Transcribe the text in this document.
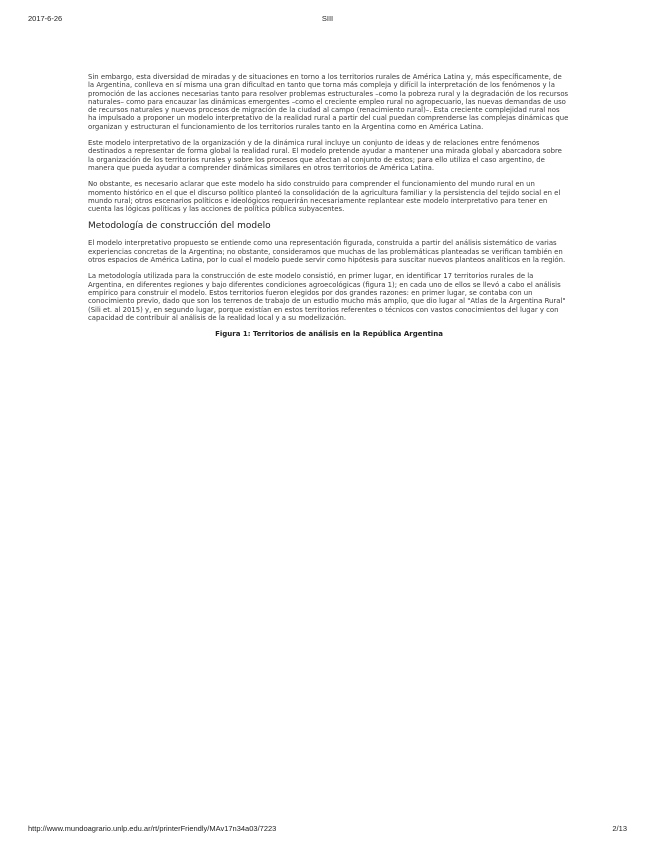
2017-6-26	SIII

Sin embargo, esta diversidad de miradas y de situaciones en torno a los territorios rurales de América Latina y, más específicamente, de la Argentina, conlleva en sí misma una gran dificultad en tanto que torna más compleja y difícil la interpretación de los fenómenos y la promoción de las acciones necesarias tanto para resolver problemas estructurales –como la pobreza rural y la degradación de los recursos naturales– como para encauzar las dinámicas emergentes –como el creciente empleo rural no agropecuario, las nuevas demandas de uso de recursos naturales y nuevos procesos de migración de la ciudad al campo (renacimiento rural)–. Esta creciente complejidad rural nos ha impulsado a proponer un modelo interpretativo de la realidad rural a partir del cual puedan comprenderse las complejas dinámicas que organizan y estructuran el funcionamiento de los territorios rurales tanto en la Argentina como en América Latina.

Este modelo interpretativo de la organización y de la dinámica rural incluye un conjunto de ideas y de relaciones entre fenómenos destinados a representar de forma global la realidad rural. El modelo pretende ayudar a mantener una mirada global y abarcadora sobre la organización de los territorios rurales y sobre los procesos que afectan al conjunto de estos; para ello utiliza el caso argentino, de manera que pueda ayudar a comprender dinámicas similares en otros territorios de América Latina.

No obstante, es necesario aclarar que este modelo ha sido construido para comprender el funcionamiento del mundo rural en un momento histórico en el que el discurso político planteó la consolidación de la agricultura familiar y la persistencia del tejido social en el mundo rural; otros escenarios políticos e ideológicos requerirán necesariamente replantear este modelo interpretativo para tener en cuenta las lógicas políticas y las acciones de política pública subyacentes.

Metodología de construcción del modelo

El modelo interpretativo propuesto se entiende como una representación figurada, construida a partir del análisis sistemático de varias experiencias concretas de la Argentina; no obstante, consideramos que muchas de las problemáticas planteadas se verifican también en otros espacios de América Latina, por lo cual el modelo puede servir como hipótesis para suscitar nuevos planteos analíticos en la región.

La metodología utilizada para la construcción de este modelo consistió, en primer lugar, en identificar 17 territorios rurales de la Argentina, en diferentes regiones y bajo diferentes condiciones agroecológicas (figura 1); en cada uno de ellos se llevó a cabo el análisis empírico para construir el modelo. Estos territorios fueron elegidos por dos grandes razones: en primer lugar, se contaba con un conocimiento previo, dado que son los terrenos de trabajo de un estudio mucho más amplio, que dio lugar al "Atlas de la Argentina Rural" (Sili et. al 2015) y, en segundo lugar, porque existían en estos territorios referentes o técnicos con vastos conocimientos del lugar y con capacidad de contribuir al análisis de la realidad local y a su modelización.

Figura 1: Territorios de análisis en la República Argentina
http://www.mundoagrario.unlp.edu.ar/rt/printerFriendly/MAv17n34a03/7223	2/13
